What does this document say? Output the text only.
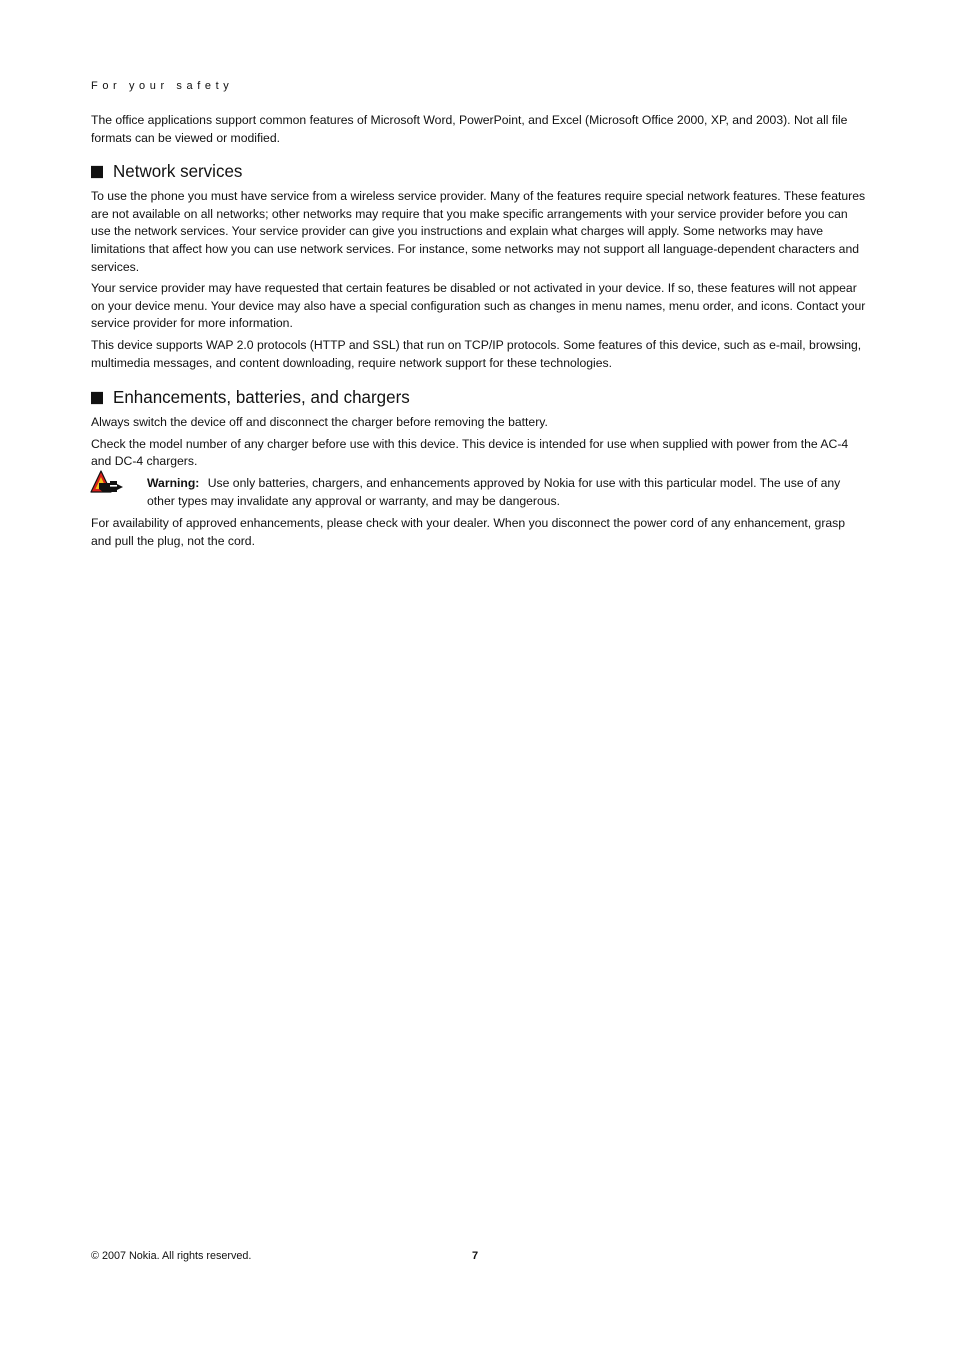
For your safety

The office applications support common features of Microsoft Word, PowerPoint, and Excel (Microsoft Office 2000, XP, and 2003). Not all file formats can be viewed or modified.

Network services

To use the phone you must have service from a wireless service provider. Many of the features require special network features. These features are not available on all networks; other networks may require that you make specific arrangements with your service provider before you can use the network services. Your service provider can give you instructions and explain what charges will apply. Some networks may have limitations that affect how you can use network services. For instance, some networks may not support all language-dependent characters and services.

Your service provider may have requested that certain features be disabled or not activated in your device. If so, these features will not appear on your device menu. Your device may also have a special configuration such as changes in menu names, menu order, and icons. Contact your service provider for more information.

This device supports WAP 2.0 protocols (HTTP and SSL) that run on TCP/IP protocols. Some features of this device, such as e-mail, browsing, multimedia messages, and content downloading, require network support for these technologies.

Enhancements, batteries, and chargers

Always switch the device off and disconnect the charger before removing the battery.

Check the model number of any charger before use with this device. This device is intended for use when supplied with power from the AC-4 and DC-4 chargers.

Warning: Use only batteries, chargers, and enhancements approved by Nokia for use with this particular model. The use of any other types may invalidate any approval or warranty, and may be dangerous.

For availability of approved enhancements, please check with your dealer. When you disconnect the power cord of any enhancement, grasp and pull the plug, not the cord.

© 2007 Nokia. All rights reserved.	7
